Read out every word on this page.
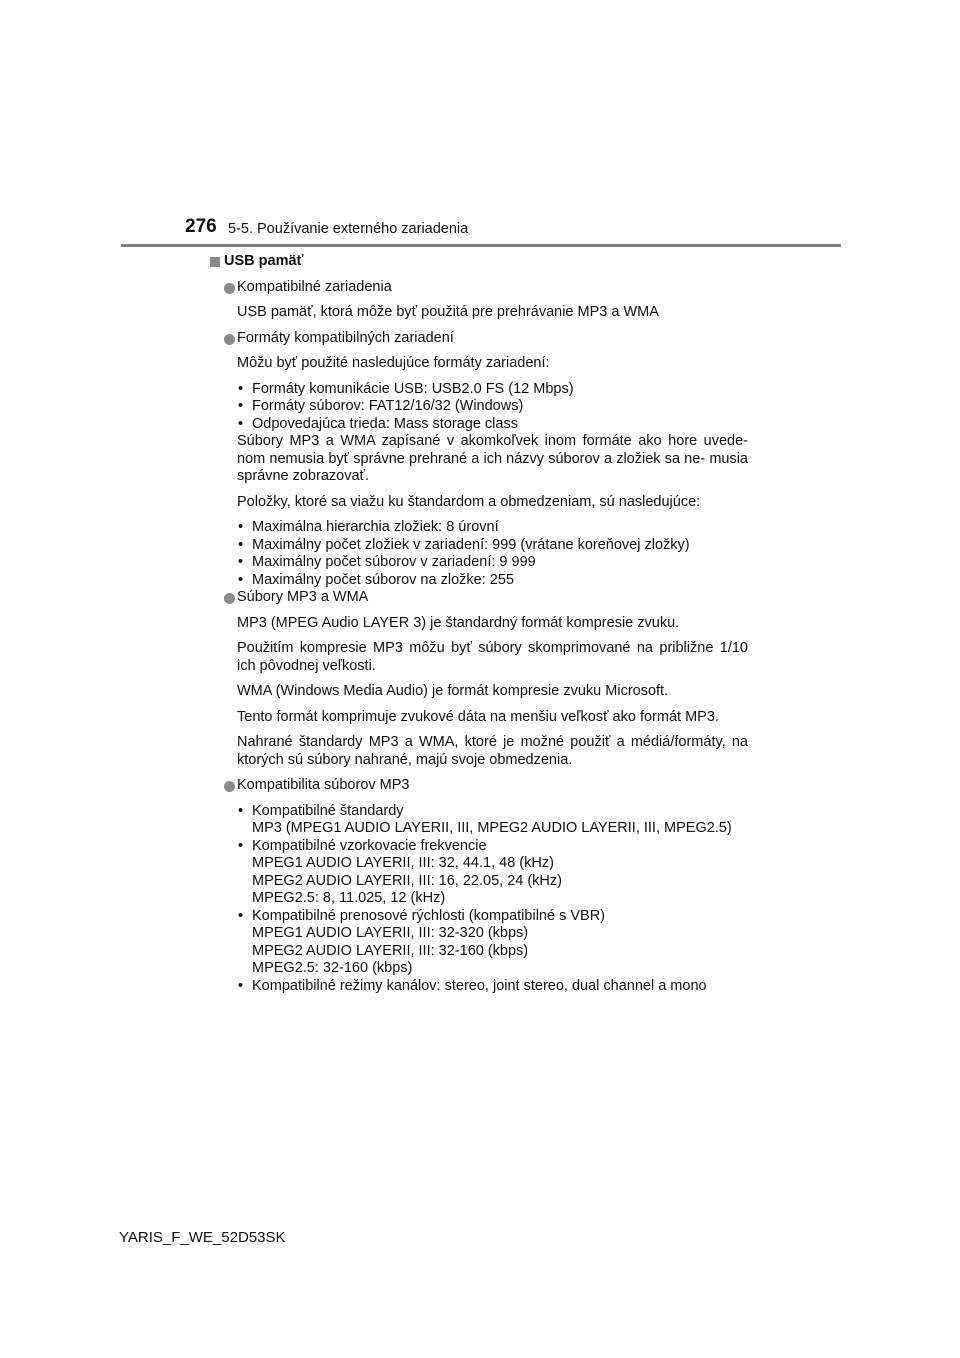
276 5-5. Používanie externého zariadenia
USB pamäť
Kompatibilné zariadenia
USB pamäť, ktorá môže byť použitá pre prehrávanie MP3 a WMA
Formáty kompatibilných zariadení
Môžu byť použité nasledujúce formáty zariadení:
• Formáty komunikácie USB: USB2.0 FS (12 Mbps)
• Formáty súborov: FAT12/16/32 (Windows)
• Odpovedajúca trieda: Mass storage class
Súbory MP3 a WMA zapísané v akomkoľvek inom formáte ako hore uvede- nom nemusia byť správne prehrané a ich názvy súborov a zložiek sa ne- musia správne zobrazovať.
Položky, ktoré sa viažu ku štandardom a obmedzeniam, sú nasledujúce:
• Maximálna hierarchia zložiek: 8 úrovní
• Maximálny počet zložiek v zariadení: 999 (vrátane koreňovej zložky)
• Maximálny počet súborov v zariadení: 9 999
• Maximálny počet súborov na zložke: 255
Súbory MP3 a WMA
MP3 (MPEG Audio LAYER 3) je štandardný formát kompresie zvuku.
Použitím kompresie MP3 môžu byť súbory skomprimované na približne 1/10 ich pôvodnej veľkosti.
WMA (Windows Media Audio) je formát kompresie zvuku Microsoft.
Tento formát komprimuje zvukové dáta na menšiu veľkosť ako formát MP3.
Nahrané štandardy MP3 a WMA, ktoré je možné použiť a médiá/formáty, na ktorých sú súbory nahrané, majú svoje obmedzenia.
Kompatibilita súborov MP3
• Kompatibilné štandardy
MP3 (MPEG1 AUDIO LAYERII, III, MPEG2 AUDIO LAYERII, III, MPEG2.5)
• Kompatibilné vzorkovacie frekvencie
MPEG1 AUDIO LAYERII, III: 32, 44.1, 48 (kHz)
MPEG2 AUDIO LAYERII, III: 16, 22.05, 24 (kHz)
MPEG2.5: 8, 11.025, 12 (kHz)
• Kompatibilné prenosové rýchlosti (kompatibilné s VBR)
MPEG1 AUDIO LAYERII, III: 32-320 (kbps)
MPEG2 AUDIO LAYERII, III: 32-160 (kbps)
MPEG2.5: 32-160 (kbps)
• Kompatibilné režimy kanálov: stereo, joint stereo, dual channel a mono
YARIS_F_WE_52D53SK
